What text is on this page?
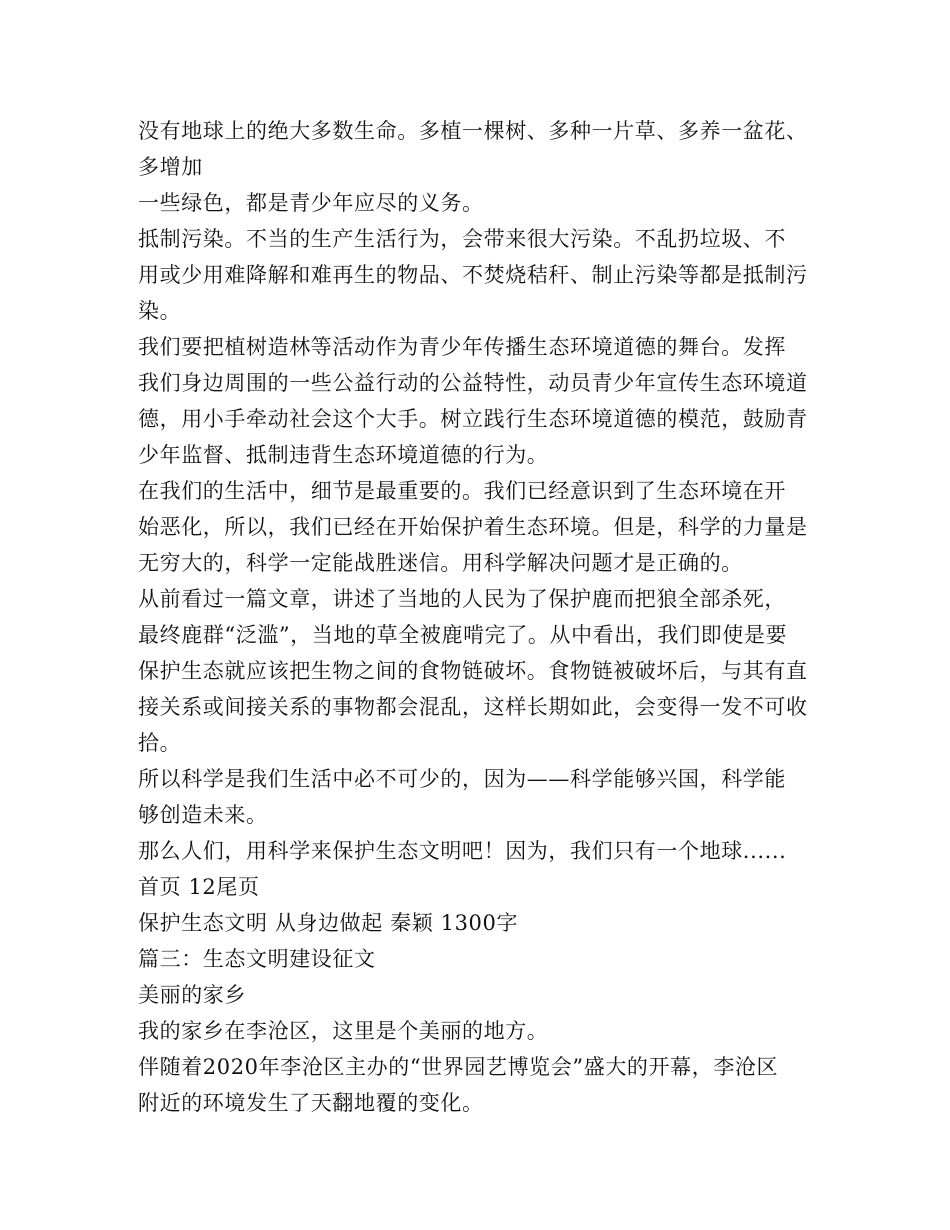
没有地球上的绝大多数生命。多植一棵树、多种一片草、多养一盆花、
多增加
一些绿色，都是青少年应尽的义务。
抵制污染。不当的生产生活行为，会带来很大污染。不乱扔垃圾、不
用或少用难降解和难再生的物品、不焚烧秸秆、制止污染等都是抵制污
染。
我们要把植树造林等活动作为青少年传播生态环境道德的舞台。发挥
我们身边周围的一些公益行动的公益特性，动员青少年宣传生态环境道
德，用小手牵动社会这个大手。树立践行生态环境道德的模范，鼓励青
少年监督、抵制违背生态环境道德的行为。
在我们的生活中，细节是最重要的。我们已经意识到了生态环境在开
始恶化，所以，我们已经在开始保护着生态环境。但是，科学的力量是
无穷大的，科学一定能战胜迷信。用科学解决问题才是正确的。
从前看过一篇文章，讲述了当地的人民为了保护鹿而把狼全部杀死，
最终鹿群“泛滥”，当地的草全被鹿啃完了。从中看出，我们即使是要
保护生态就应该把生物之间的食物链破坏。食物链被破坏后，与其有直
接关系或间接关系的事物都会混乱，这样长期如此，会变得一发不可收
拾。
所以科学是我们生活中必不可少的，因为——科学能够兴国，科学能
够创造未来。
那么人们，用科学来保护生态文明吧！因为，我们只有一个地球......
首页 12尾页
保护生态文明 从身边做起 秦颖 1300字
篇三：生态文明建设征文
美丽的家乡
我的家乡在李沧区，这里是个美丽的地方。
伴随着2020年李沧区主办的“世界园艺博览会”盛大的开幕，李沧区
附近的环境发生了天翻地覆的变化。
